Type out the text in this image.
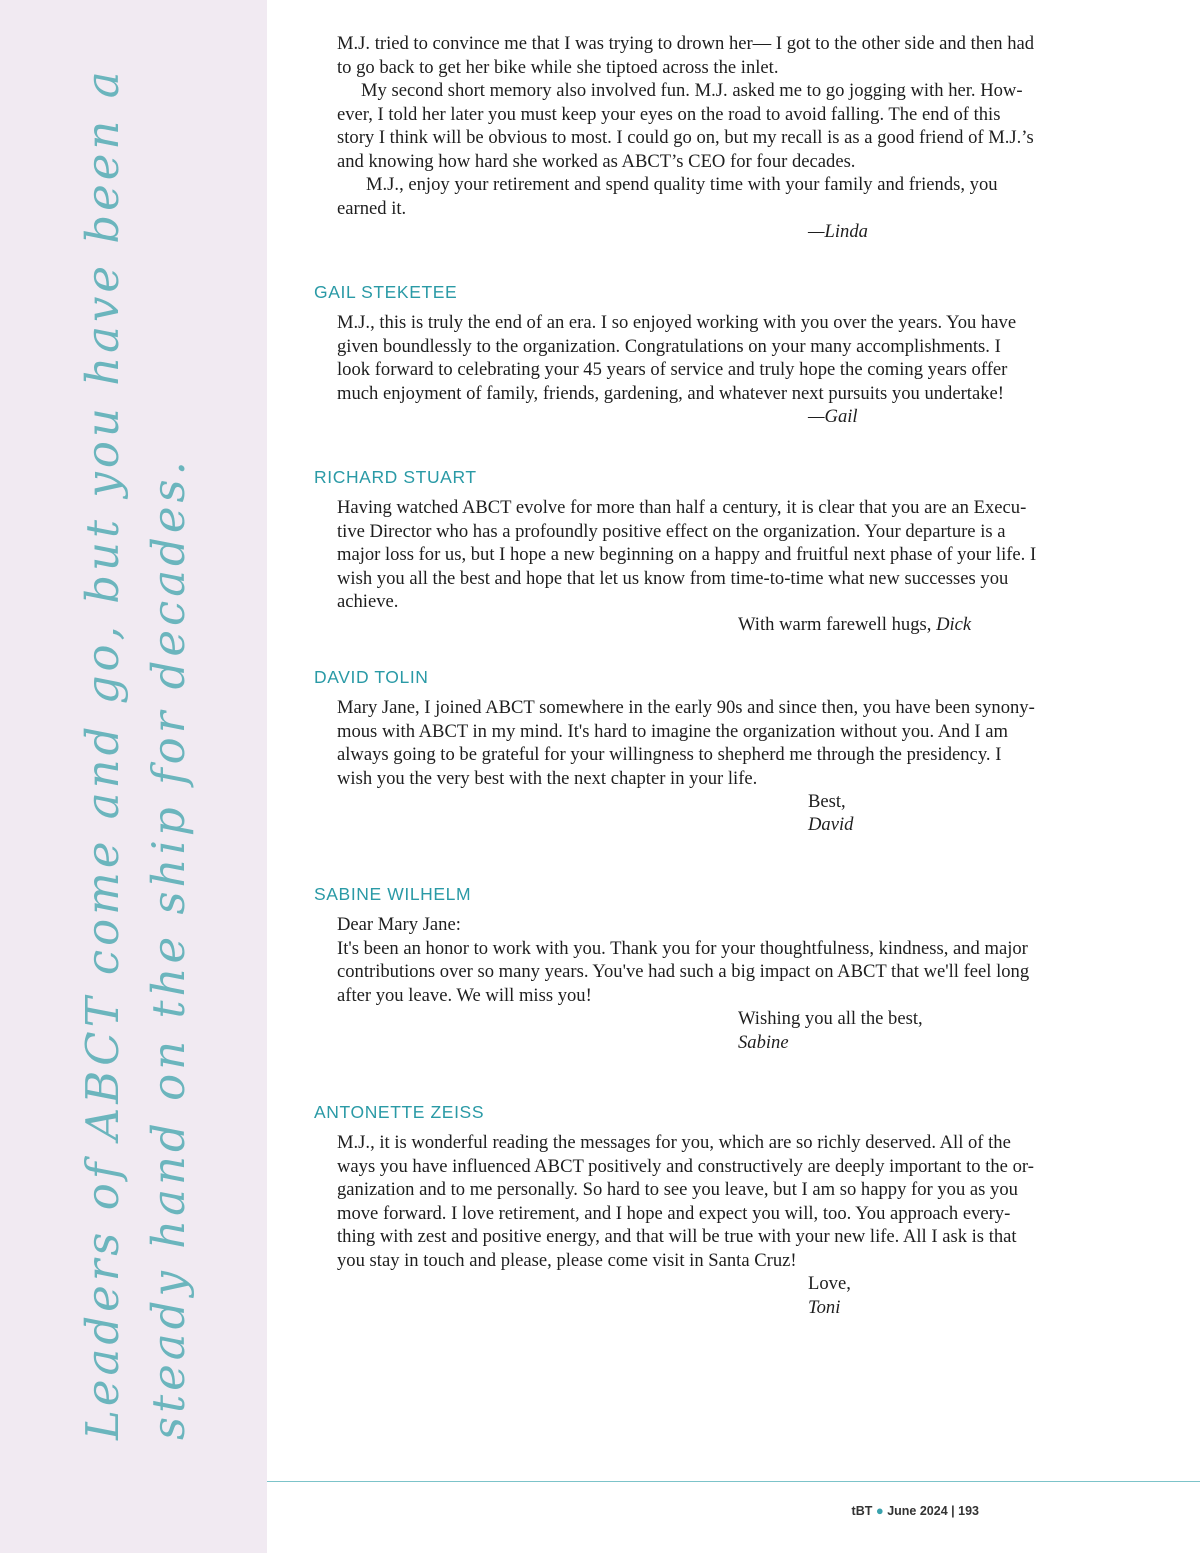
Leaders of ABCT come and go, but you have been a steady hand on the ship for decades.
M.J. tried to convince me that I was trying to drown her— I got to the other side and then had
to go back to get her bike while she tiptoed across the inlet.
My second short memory also involved fun. M.J. asked me to go jogging with her. How-
ever, I told her later you must keep your eyes on the road to avoid falling. The end of this
story I think will be obvious to most. I could go on, but my recall is as a good friend of M.J.’s
and knowing how hard she worked as ABCT’s CEO for four decades.
M.J., enjoy your retirement and spend quality time with your family and friends, you
earned it.
—Linda
GAIL STEKETEE
M.J., this is truly the end of an era. I so enjoyed working with you over the years. You have
given boundlessly to the organization. Congratulations on your many accomplishments. I
look forward to celebrating your 45 years of service and truly hope the coming years offer
much enjoyment of family, friends, gardening, and whatever next pursuits you undertake!
—Gail
RICHARD STUART
Having watched ABCT evolve for more than half a century, it is clear that you are an Execu-
tive Director who has a profoundly positive effect on the organization. Your departure is a
major loss for us, but I hope a new beginning on a happy and fruitful next phase of your life. I
wish you all the best and hope that let us know from time-to-time what new successes you
achieve.
With warm farewell hugs, Dick
DAVID TOLIN
Mary Jane, I joined ABCT somewhere in the early 90s and since then, you have been synony-
mous with ABCT in my mind. It's hard to imagine the organization without you. And I am
always going to be grateful for your willingness to shepherd me through the presidency. I
wish you the very best with the next chapter in your life.
Best,
David
SABINE WILHELM
Dear Mary Jane:
It's been an honor to work with you. Thank you for your thoughtfulness, kindness, and major
contributions over so many years. You've had such a big impact on ABCT that we'll feel long
after you leave. We will miss you!
Wishing you all the best,
Sabine
ANTONETTE ZEISS
M.J., it is wonderful reading the messages for you, which are so richly deserved. All of the
ways you have influenced ABCT positively and constructively are deeply important to the or-
ganization and to me personally. So hard to see you leave, but I am so happy for you as you
move forward. I love retirement, and I hope and expect you will, too. You approach every-
thing with zest and positive energy, and that will be true with your new life. All I ask is that
you stay in touch and please, please come visit in Santa Cruz!
Love,
Toni
tBT ● June 2024 | 193
